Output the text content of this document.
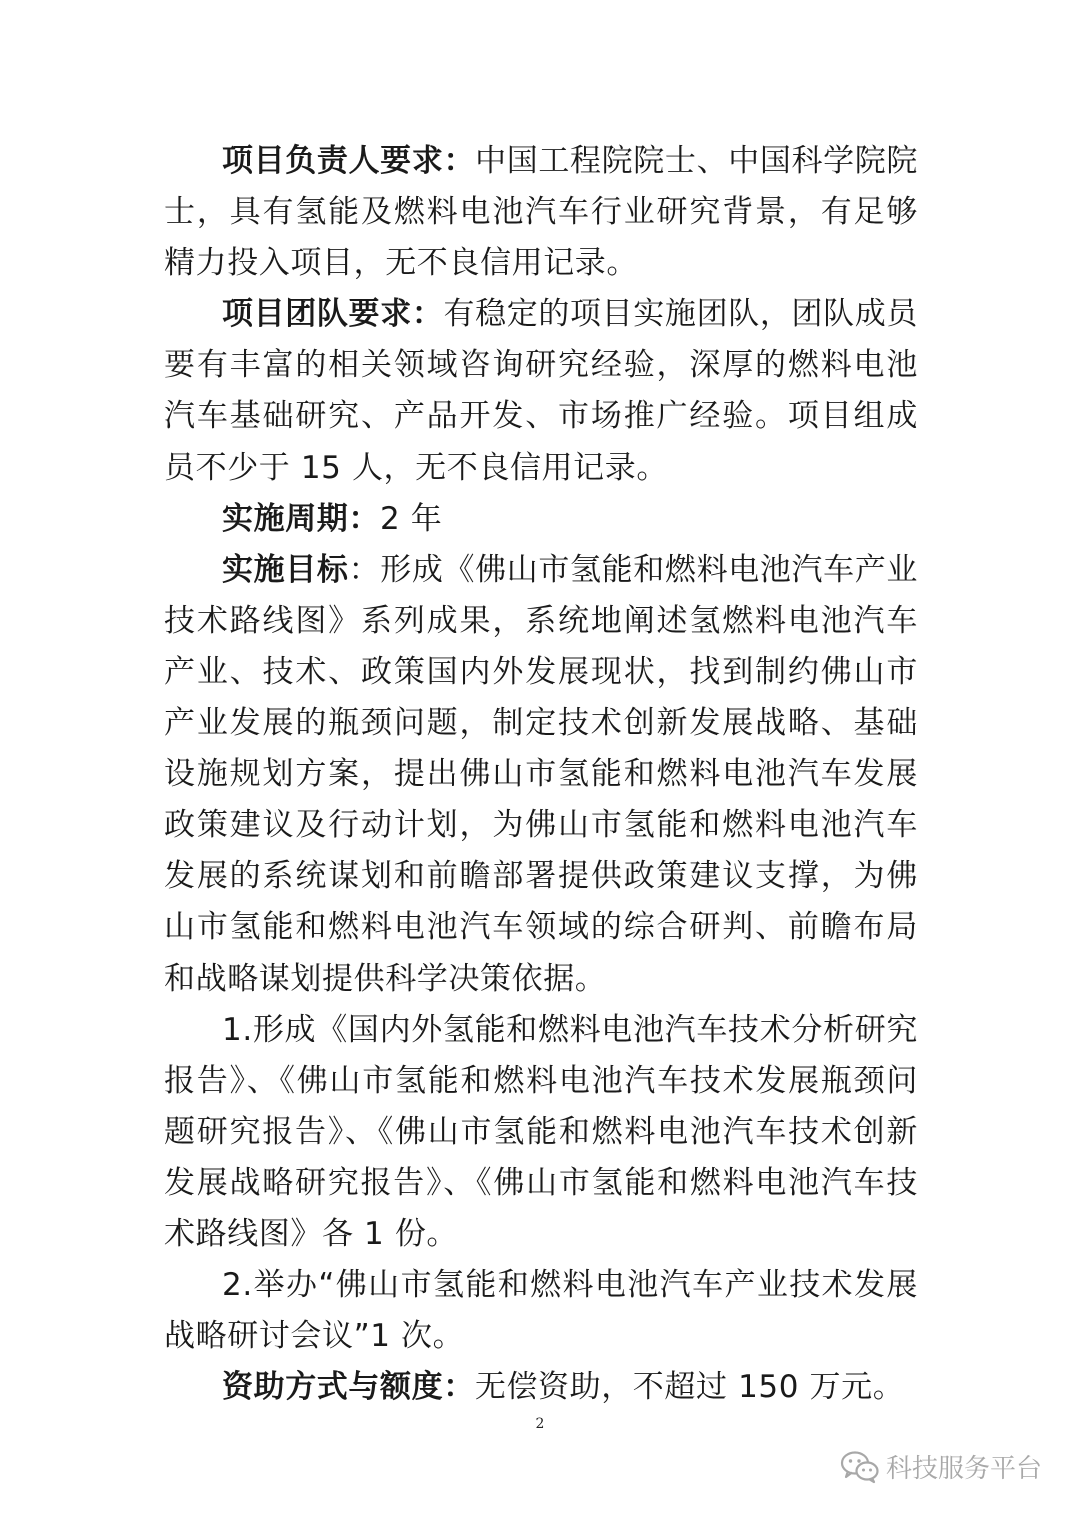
项目负责人要求：中国工程院院士、中国科学院院士，具有氢能及燃料电池汽车行业研究背景，有足够精力投入项目，无不良信用记录。

项目团队要求：有稳定的项目实施团队，团队成员要有丰富的相关领域咨询研究经验，深厚的燃料电池汽车基础研究、产品开发、市场推广经验。项目组成员不少于 15 人，无不良信用记录。

实施周期：2 年

实施目标：形成《佛山市氢能和燃料电池汽车产业技术路线图》系列成果，系统地阐述氢燃料电池汽车产业、技术、政策国内外发展现状，找到制约佛山市产业发展的瓶颈问题，制定技术创新发展战略、基础设施规划方案，提出佛山市氢能和燃料电池汽车发展政策建议及行动计划，为佛山市氢能和燃料电池汽车发展的系统谋划和前瞻部署提供政策建议支撑，为佛山市氢能和燃料电池汽车领域的综合研判、前瞻布局和战略谋划提供科学决策依据。

1.形成《国内外氢能和燃料电池汽车技术分析研究报告》、《佛山市氢能和燃料电池汽车技术发展瓶颈问题研究报告》、《佛山市氢能和燃料电池汽车技术创新发展战略研究报告》、《佛山市氢能和燃料电池汽车技术路线图》各 1 份。

2.举办“佛山市氢能和燃料电池汽车产业技术发展战略研讨会议”1 次。

资助方式与额度：无偿资助，不超过 150 万元。

2
科技服务平台
